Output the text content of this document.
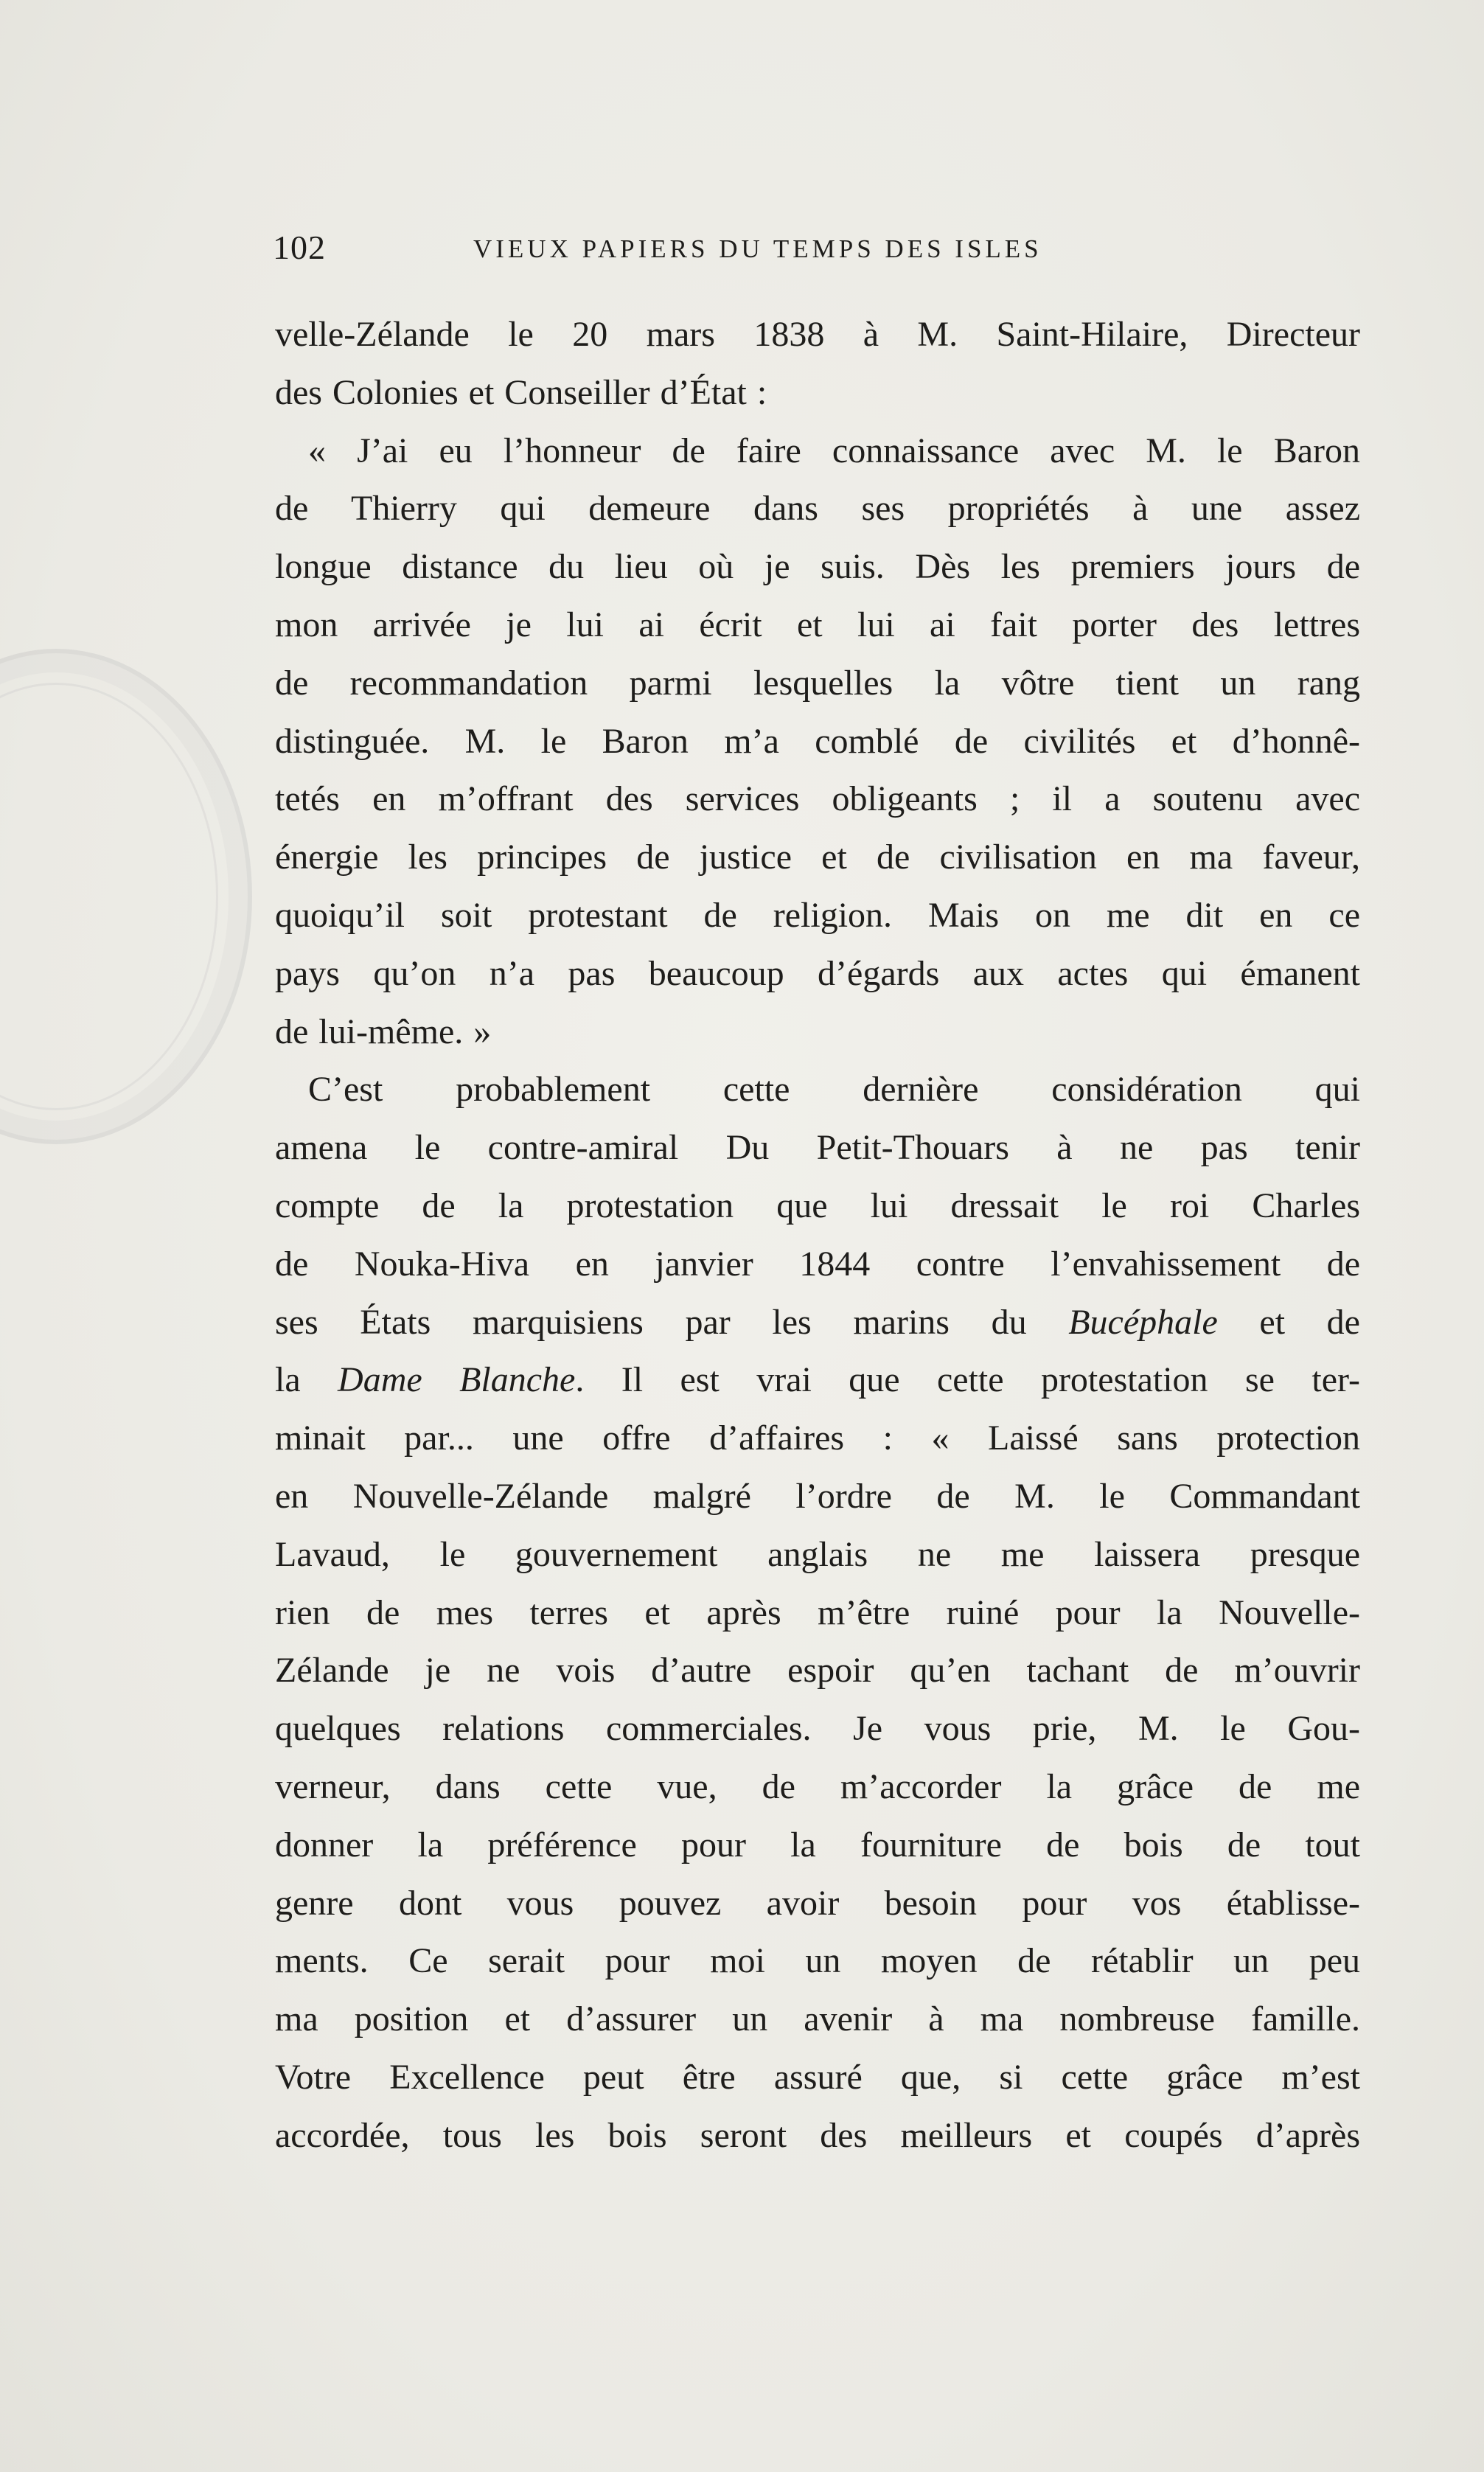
102	VIEUX PAPIERS DU TEMPS DES ISLES
velle-Zélande le 20 mars 1838 à M. Saint-Hilaire, Directeur
des Colonies et Conseiller d’État :
« J’ai eu l’honneur de faire connaissance avec M. le Baron
de Thierry qui demeure dans ses propriétés à une assez
longue distance du lieu où je suis. Dès les premiers jours de
mon arrivée je lui ai écrit et lui ai fait porter des lettres
de recommandation parmi lesquelles la vôtre tient un rang
distinguée. M. le Baron m’a comblé de civilités et d’honnê-
tetés en m’offrant des services obligeants ; il a soutenu avec
énergie les principes de justice et de civilisation en ma faveur,
quoiqu’il soit protestant de religion. Mais on me dit en ce
pays qu’on n’a pas beaucoup d’égards aux actes qui émanent
de lui-même. »
C’est probablement cette dernière considération qui
amena le contre-amiral Du Petit-Thouars à ne pas tenir
compte de la protestation que lui dressait le roi Charles
de Nouka-Hiva en janvier 1844 contre l’envahissement de
ses États marquisiens par les marins du Bucéphale et de
la Dame Blanche. Il est vrai que cette protestation se ter-
minait par... une offre d’affaires : « Laissé sans protection
en Nouvelle-Zélande malgré l’ordre de M. le Commandant
Lavaud, le gouvernement anglais ne me laissera presque
rien de mes terres et après m’être ruiné pour la Nouvelle-
Zélande je ne vois d’autre espoir qu’en tachant de m’ouvrir
quelques relations commerciales. Je vous prie, M. le Gou-
verneur, dans cette vue, de m’accorder la grâce de me
donner la préférence pour la fourniture de bois de tout
genre dont vous pouvez avoir besoin pour vos établisse-
ments. Ce serait pour moi un moyen de rétablir un peu
ma position et d’assurer un avenir à ma nombreuse famille.
Votre Excellence peut être assuré que, si cette grâce m’est
accordée, tous les bois seront des meilleurs et coupés d’après
